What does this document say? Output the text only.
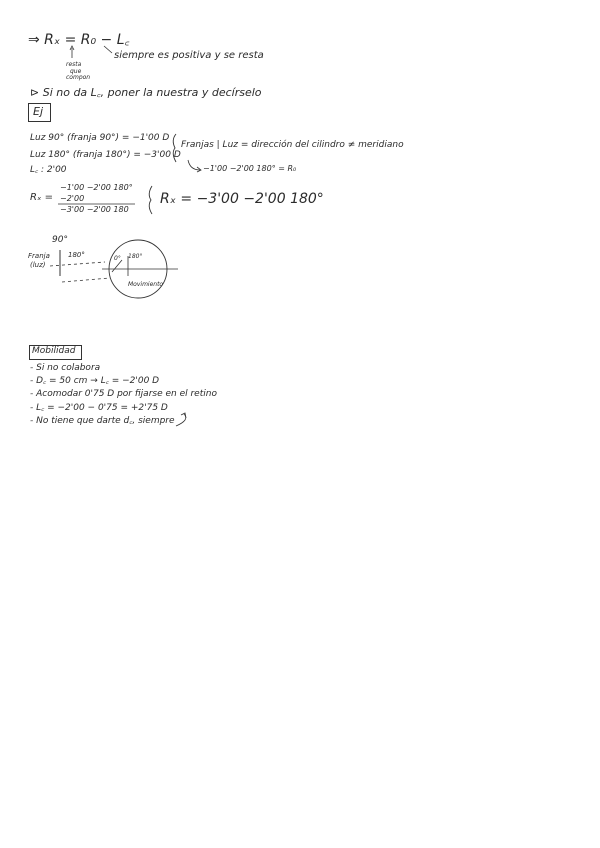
⇒ Rₓ = R₀ − L꜀
resta
que
compon
siempre es positiva y se resta
⊳ Si no da L꜀, poner la nuestra y decírselo
Ej
Luz 90° (franja 90°) = −1'00 D
Luz 180° (franja 180°) = −3'00 D
L꜀ : 2'00
Franjas | Luz = dirección del cilindro ≠ meridiano
−1'00 −2'00 180° = R₀
Rₓ =
−1'00 −2'00 180°
−2'00
−3'00 −2'00 180
Rₓ = −3'00 −2'00 180°
90°
Franja
(luz)
180°	0° 180°
Movimiento
Mobilidad
- Si no colabora
- D꜀ = 50 cm → L꜀ = −2'00 D
- Acomodar 0'75 D por fijarse en el retino
- L꜀ = −2'00 − 0'75 = +2'75 D
- No tiene que darte d꜀, siempre
